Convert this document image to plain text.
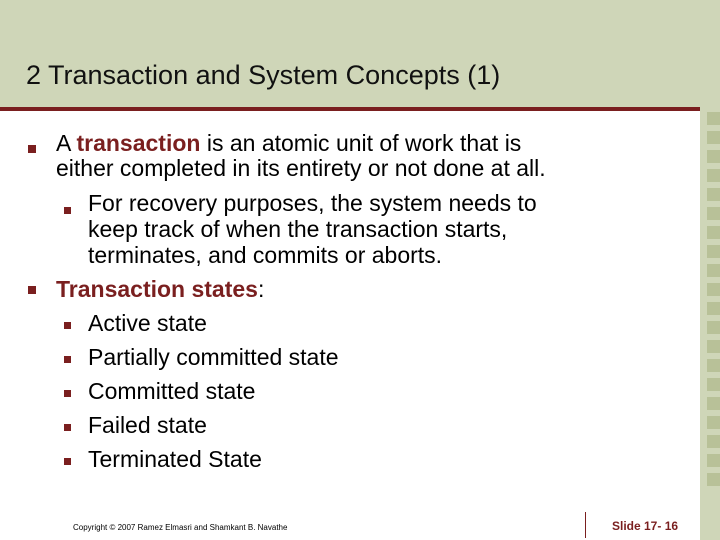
2 Transaction and System Concepts (1)
A transaction is an atomic unit of work that is
either completed in its entirety or not done at all.
For recovery purposes, the system needs to
keep track of when the transaction starts,
terminates, and commits or aborts.
Transaction states:
Active state
Partially committed state
Committed state
Failed state
Terminated State
Copyright © 2007 Ramez Elmasri and Shamkant B. Navathe	Slide 17- 16
